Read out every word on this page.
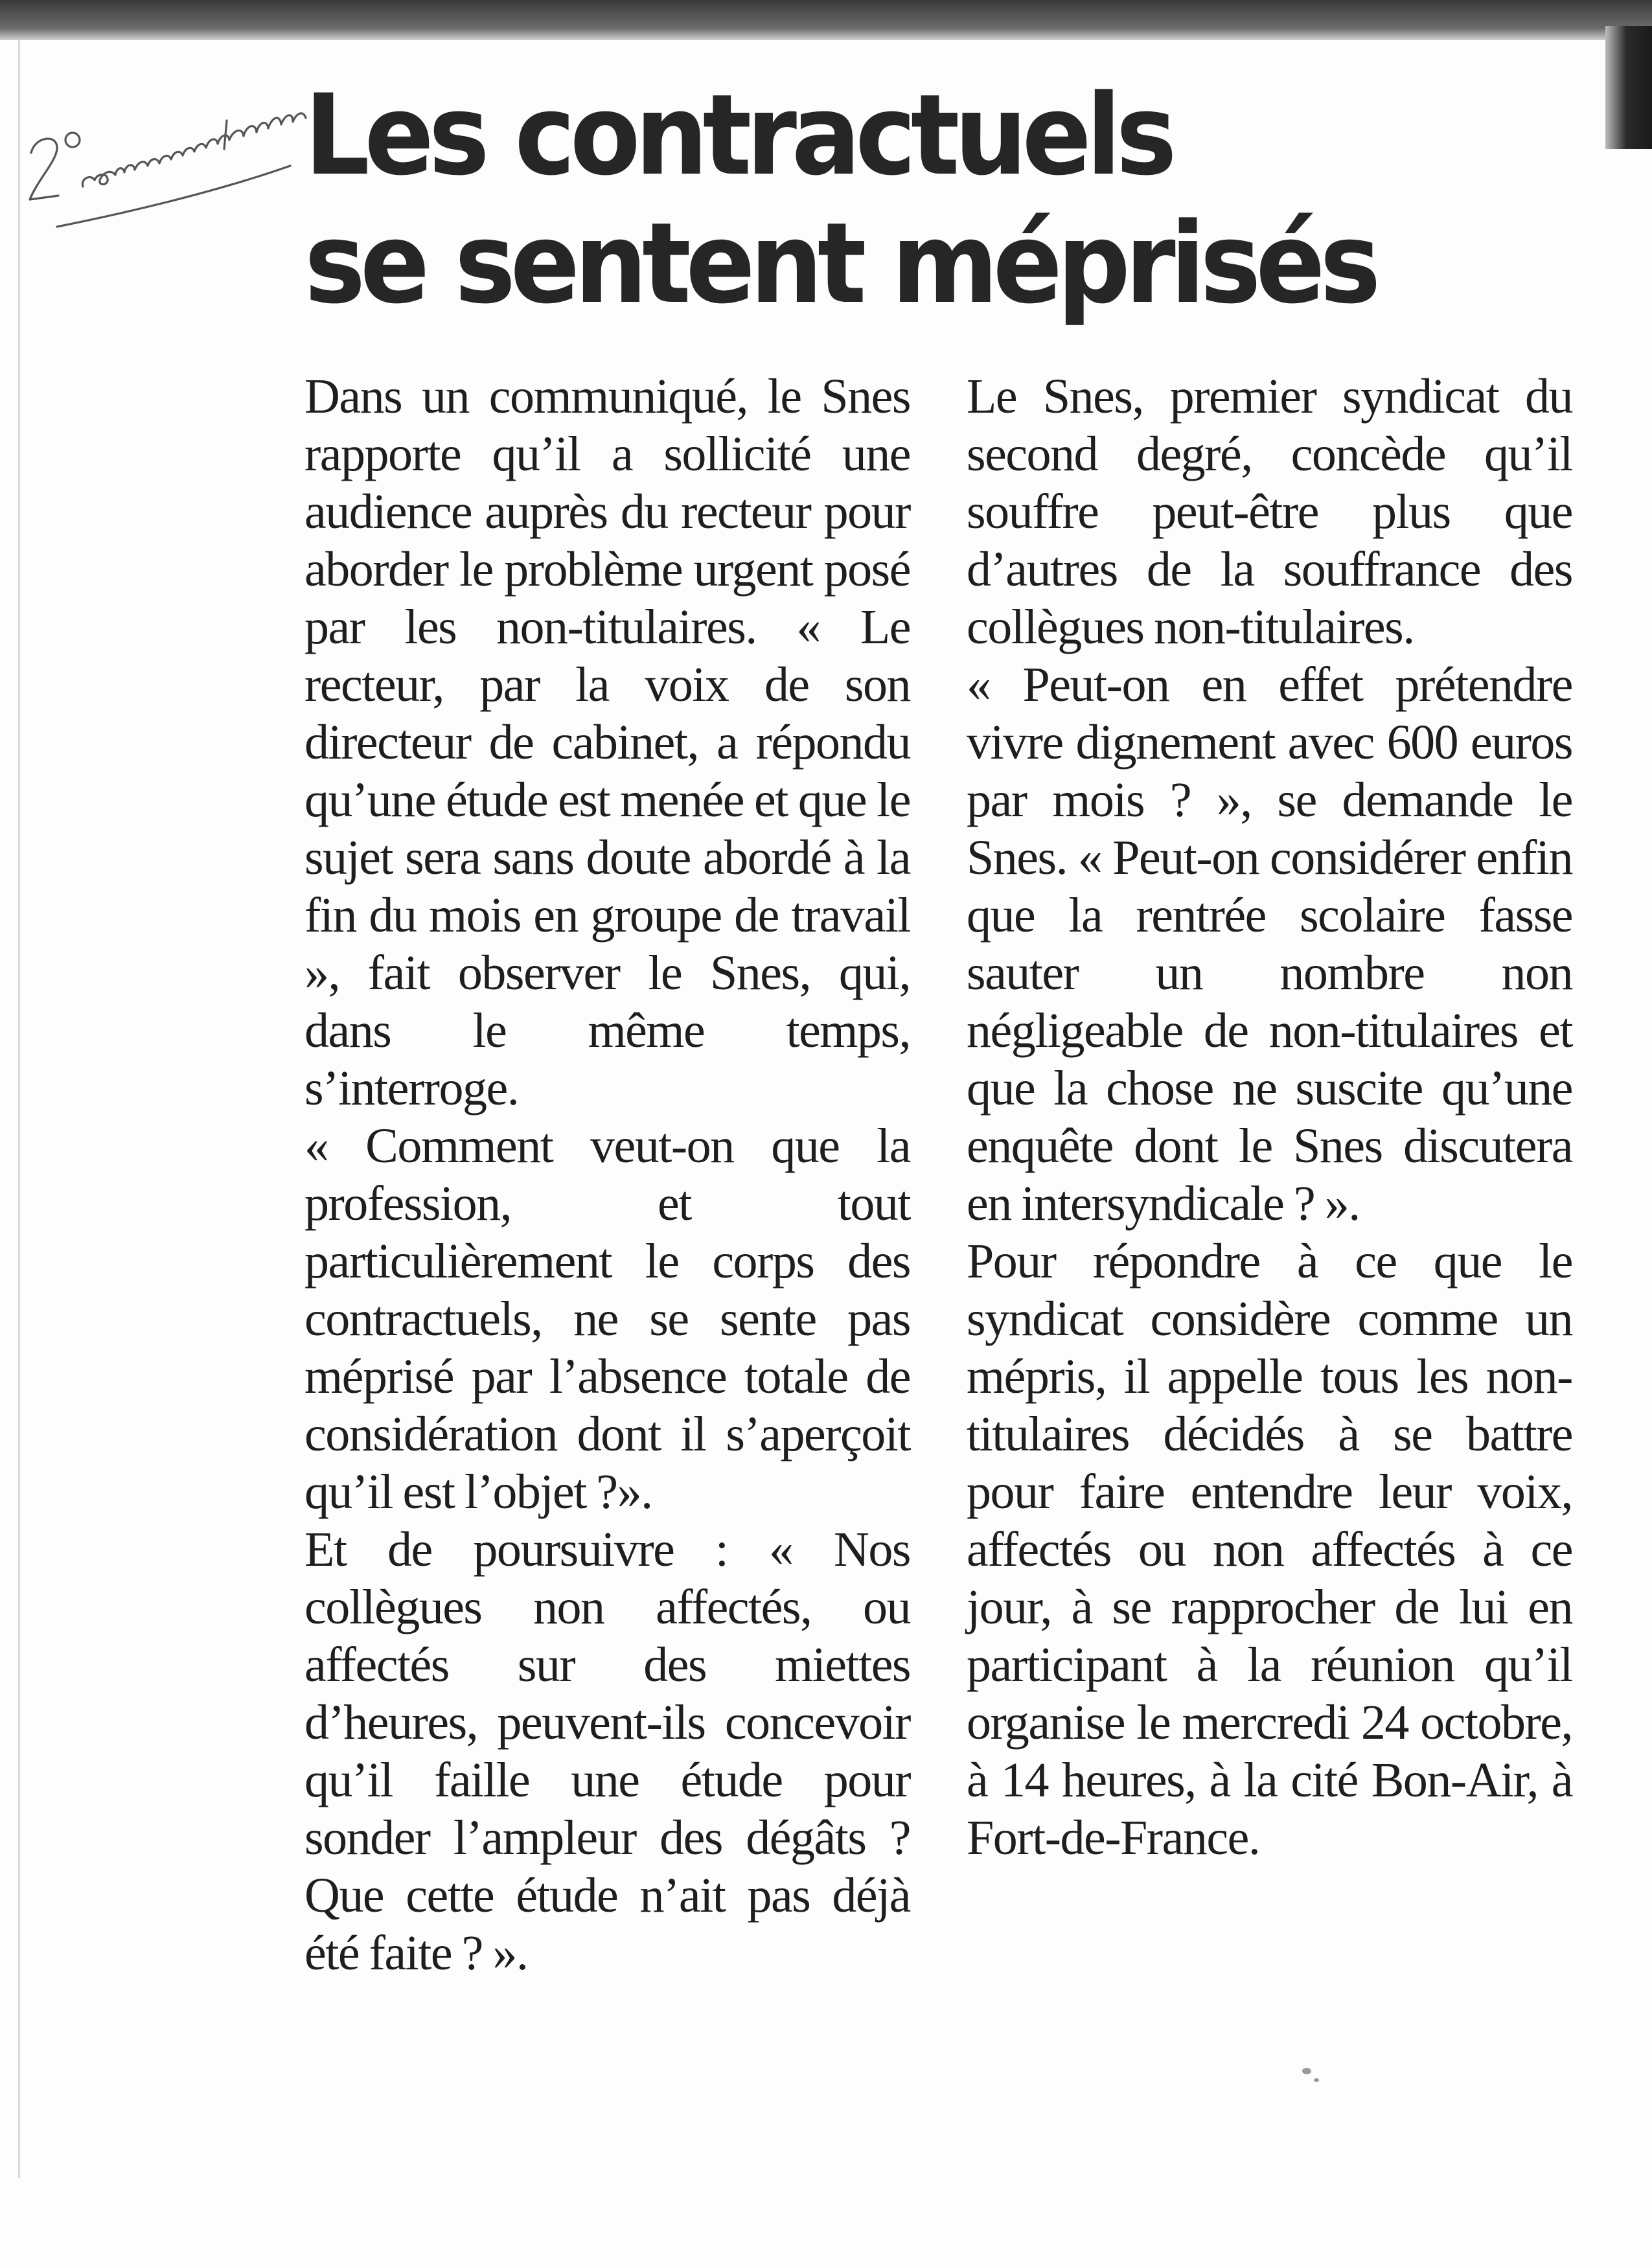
Les contractuels
se sentent méprisés

Dans un communiqué, le Snes rapporte qu’il a sollicité une audience auprès du recteur pour aborder le problème urgent posé par les non-titulaires. « Le recteur, par la voix de son directeur de cabinet, a répondu qu’une étude est menée et que le sujet sera sans doute abordé à la fin du mois en groupe de travail », fait observer le Snes, qui, dans le même temps, s’interroge.

« Comment veut-on que la profession, et tout particulièrement le corps des contractuels, ne se sente pas méprisé par l’absence totale de considération dont il s’aperçoit qu’il est l’objet ?».

Et de poursuivre : « Nos collègues non affectés, ou affectés sur des miettes d’heures, peuvent-ils concevoir qu’il faille une étude pour sonder l’ampleur des dégâts ? Que cette étude n’ait pas déjà été faite ? ».

Le Snes, premier syndicat du second degré, concède qu’il souffre peut-être plus que d’autres de la souffrance des collègues non-titulaires.

« Peut-on en effet prétendre vivre dignement avec 600 euros par mois ? », se demande le Snes. « Peut-on considérer enfin que la rentrée scolaire fasse sauter un nombre non négligeable de non-titulaires et que la chose ne suscite qu’une enquête dont le Snes discutera en intersyndicale ? ».

Pour répondre à ce que le syndicat considère comme un mépris, il appelle tous les non-titulaires décidés à se battre pour faire entendre leur voix, affectés ou non affectés à ce jour, à se rapprocher de lui en participant à la réunion qu’il organise le mercredi 24 octobre, à 14 heures, à la cité Bon-Air, à Fort-de-France.
